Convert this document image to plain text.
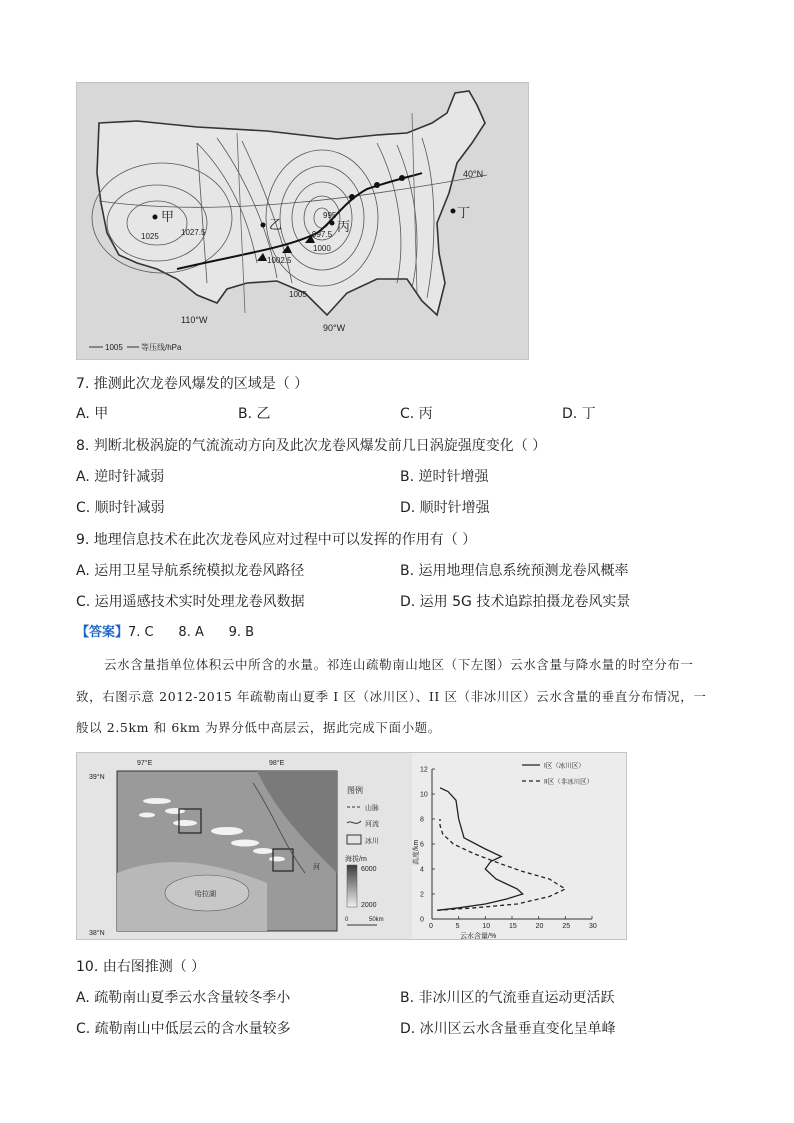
甲
乙	丙
丁
1025	1027.5
1002.5
1005
1000
997.5
995
40°N
110°W
90°W
1005 等压线/hPa
7. 推测此次龙卷风爆发的区域是（ ）
A. 甲	B. 乙	C. 丙	D. 丁
8. 判断北极涡旋的气流流动方向及此次龙卷风爆发前几日涡旋强度变化（ ）
A. 逆时针减弱	B. 逆时针增强
C. 顺时针减弱	D. 顺时针增强
9. 地理信息技术在此次龙卷风应对过程中可以发挥的作用有（ ）
A. 运用卫星导航系统模拟龙卷风路径	B. 运用地理信息系统预测龙卷风概率
C. 运用遥感技术实时处理龙卷风数据	D. 运用 5G 技术追踪拍摄龙卷风实景
【答案】7. C      8. A      9. B
云水含量指单位体积云中所含的水量。祁连山疏勒南山地区（下左图）云水含量与降水量的时空分布一
致，右图示意 2012-2015 年疏勒南山夏季 I 区（冰川区）、II 区（非冰川区）云水含量的垂直分布情况，一
般以 2.5km 和 6km 为界分低中高层云，据此完成下面小题。
39°N
38°N
97°E	98°E
哈拉湖
河
图例
山脉
河流
冰川
海拔/m
6000
2000
0	50km
0	5	10	15	20	25	30
0
2
4
6
8
10
12
I区（冰川区）
II区（非冰川区）
高度/km
云水含量/%
10. 由右图推测（ ）
A. 疏勒南山夏季云水含量较冬季小	B. 非冰川区的气流垂直运动更活跃
C. 疏勒南山中低层云的含水量较多	D. 冰川区云水含量垂直变化呈单峰
